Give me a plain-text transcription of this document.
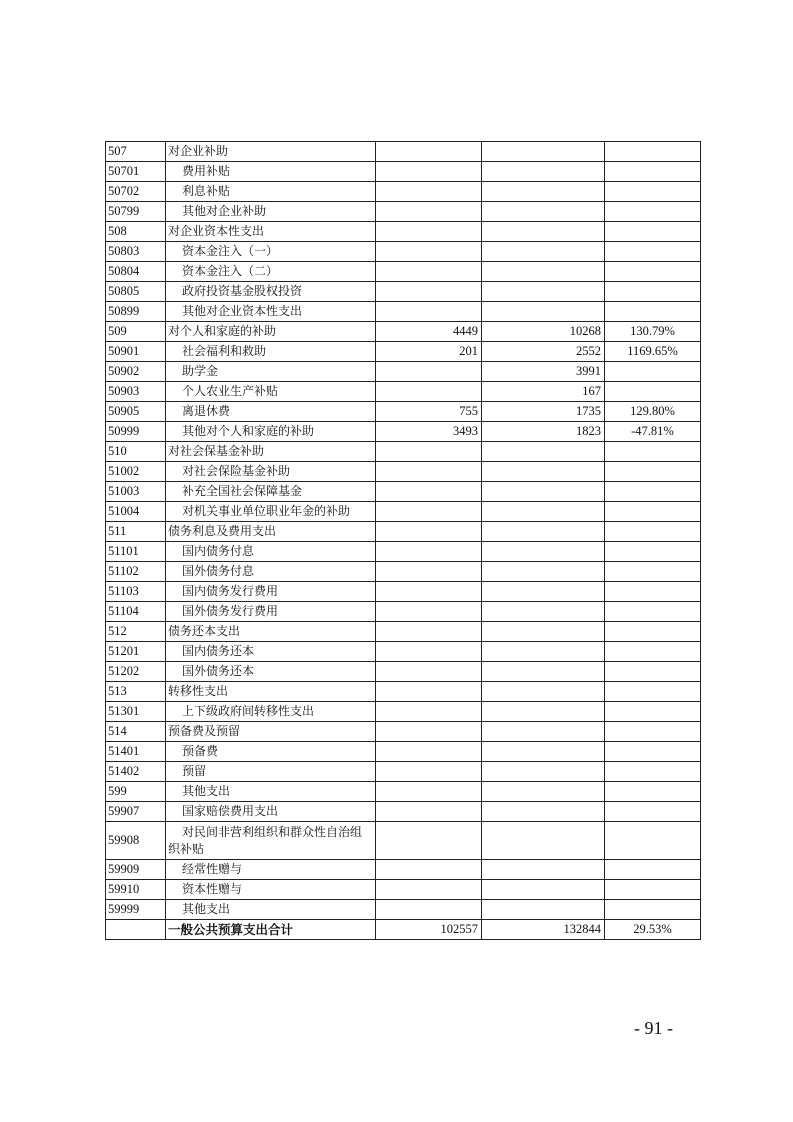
507	对企业补助			
50701	费用补贴			
50702	利息补贴			
50799	其他对企业补助			
508	对企业资本性支出			
50803	资本金注入（一）			
50804	资本金注入（二）			
50805	政府投资基金股权投资			
50899	其他对企业资本性支出			
509	对个人和家庭的补助	4449	10268	130.79%
50901	社会福利和救助	201	2552	1169.65%
50902	助学金		3991	
50903	个人农业生产补贴		167	
50905	离退休费	755	1735	129.80%
50999	其他对个人和家庭的补助	3493	1823	-47.81%
510	对社会保基金补助			
51002	对社会保险基金补助			
51003	补充全国社会保障基金			
51004	对机关事业单位职业年金的补助			
511	债务利息及费用支出			
51101	国内债务付息			
51102	国外债务付息			
51103	国内债务发行费用			
51104	国外债务发行费用			
512	债务还本支出			
51201	国内债务还本			
51202	国外债务还本			
513	转移性支出			
51301	上下级政府间转移性支出			
514	预备费及预留			
51401	预备费			
51402	预留			
599	其他支出			
59907	国家赔偿费用支出			
59908	对民间非营利组织和群众性自治组织补贴			
59909	经常性赠与			
59910	资本性赠与			
59999	其他支出			
	一般公共预算支出合计	102557	132844	29.53%
- 91 -
